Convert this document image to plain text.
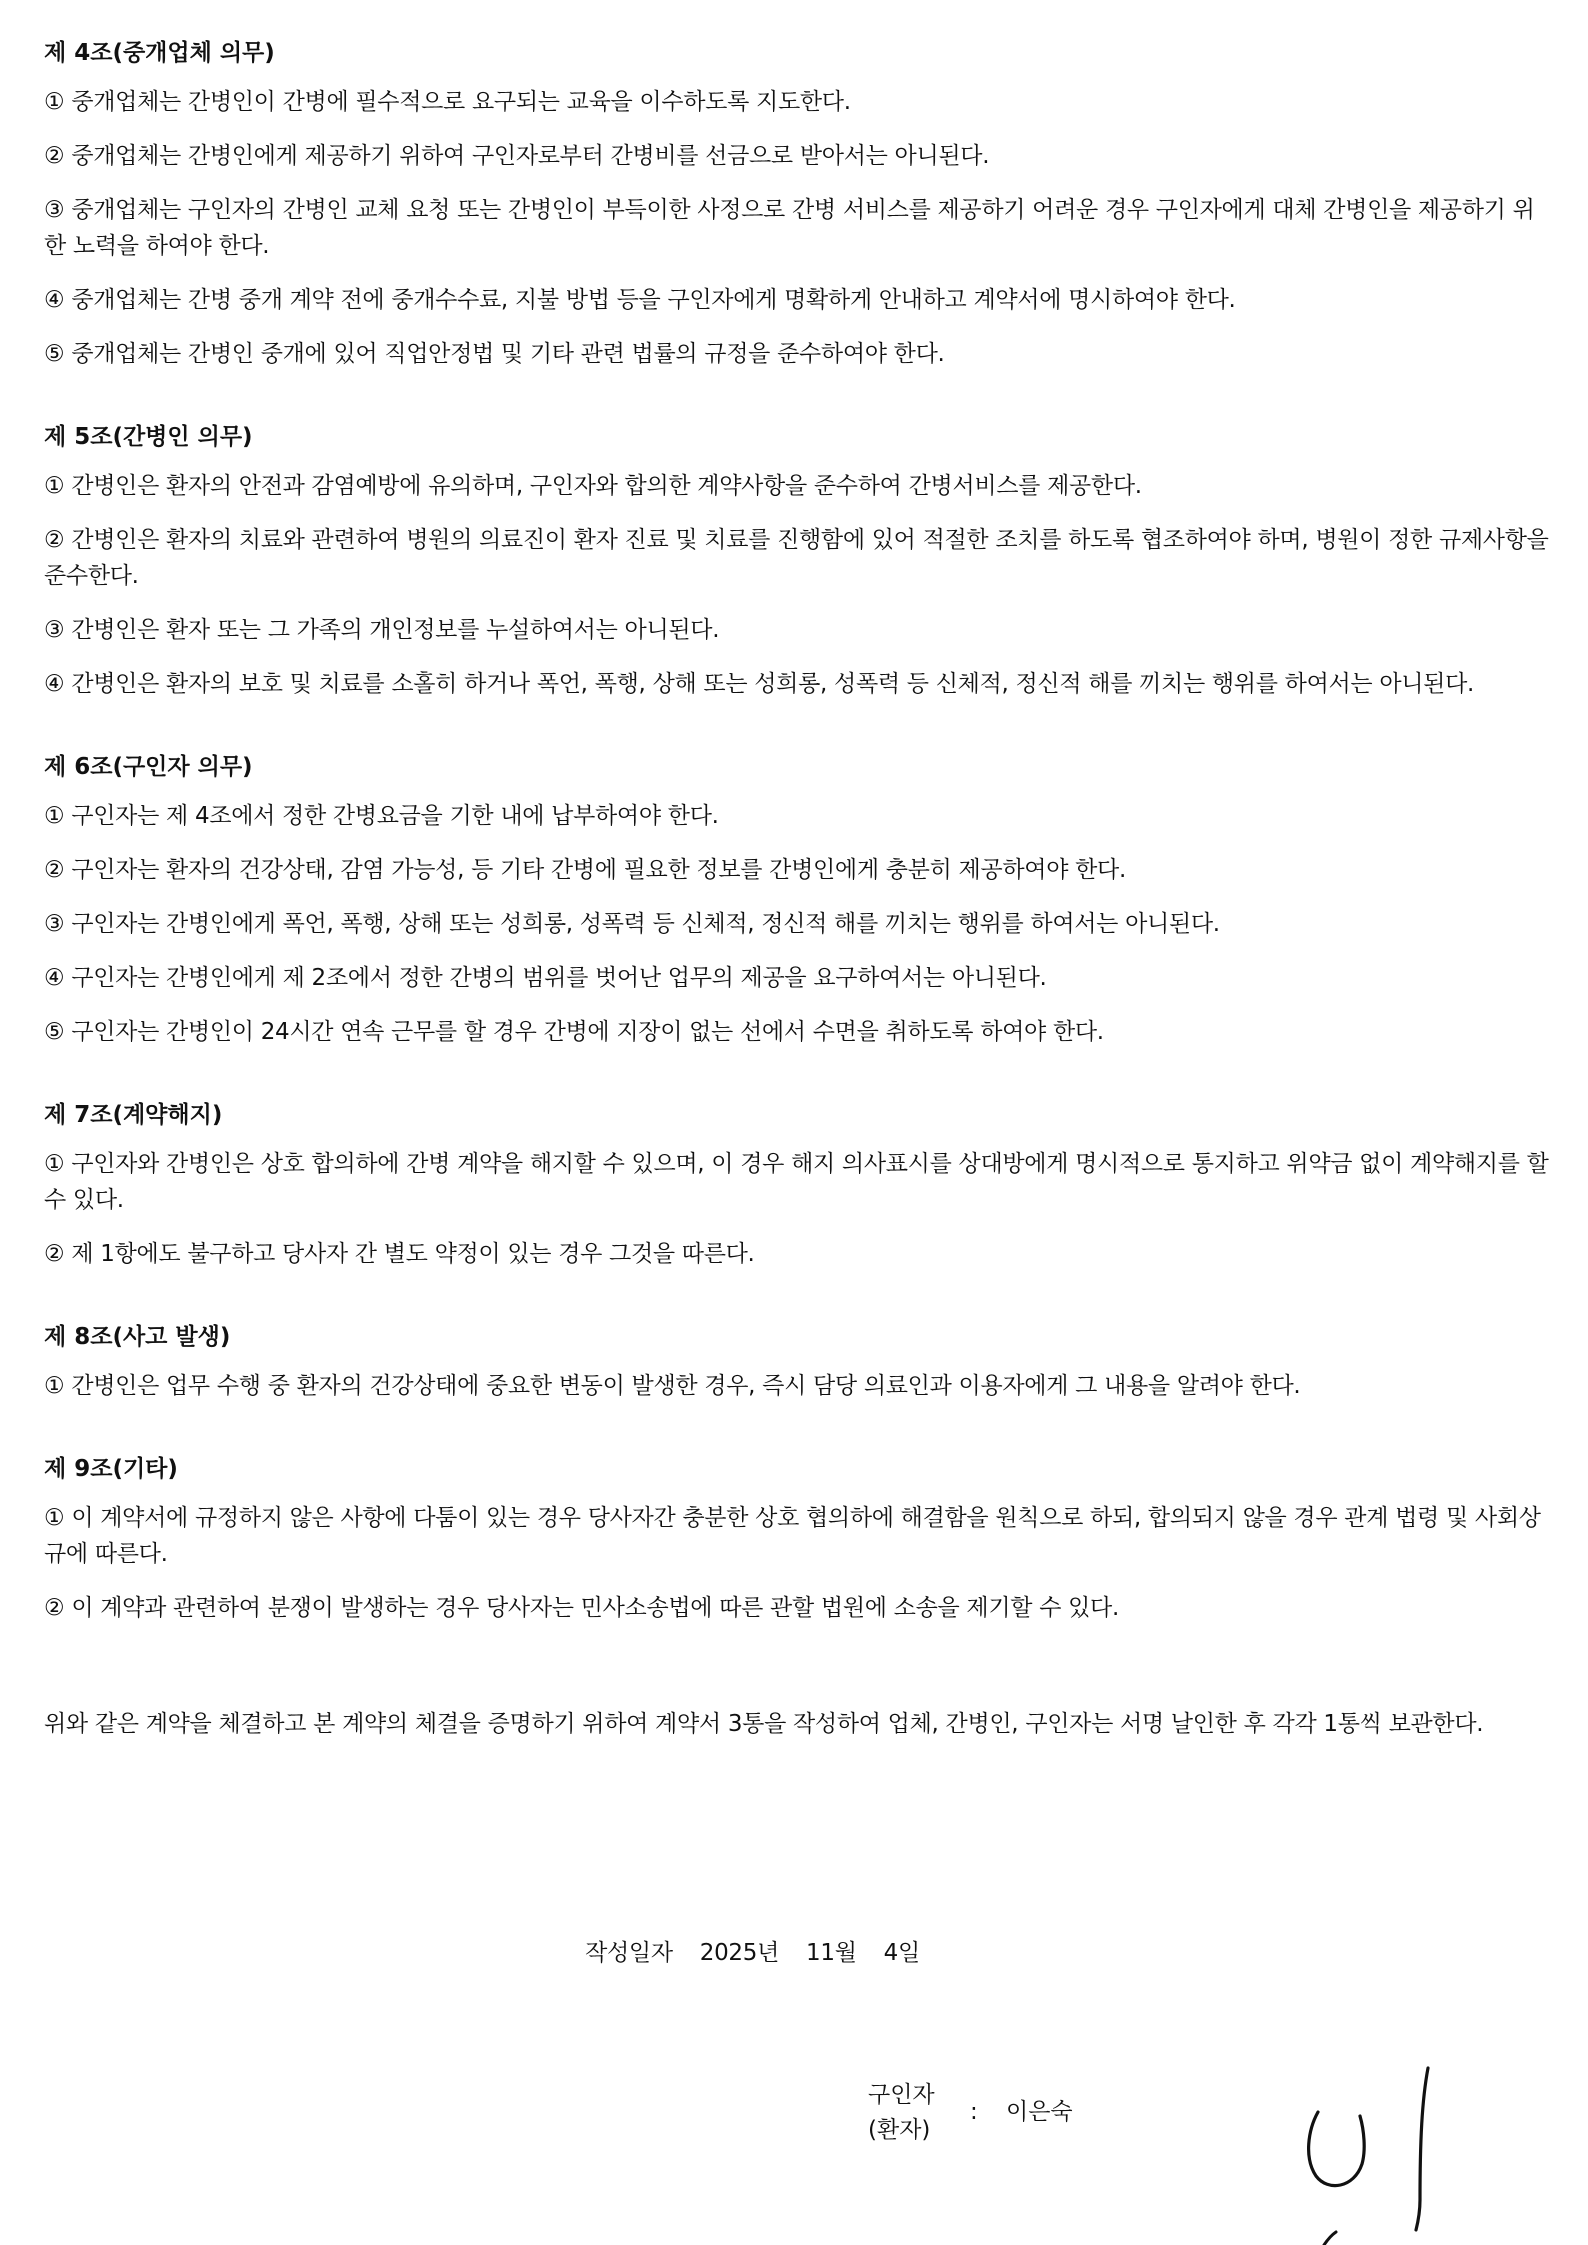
제 4조(중개업체 의무)

① 중개업체는 간병인이 간병에 필수적으로 요구되는 교육을 이수하도록 지도한다.

② 중개업체는 간병인에게 제공하기 위하여 구인자로부터 간병비를 선금으로 받아서는 아니된다.

③ 중개업체는 구인자의 간병인 교체 요청 또는 간병인이 부득이한 사정으로 간병 서비스를 제공하기 어려운 경우 구인자에게 대체 간병인을 제공하기 위한 노력을 하여야 한다.

④ 중개업체는 간병 중개 계약 전에 중개수수료, 지불 방법 등을 구인자에게 명확하게 안내하고 계약서에 명시하여야 한다.

⑤ 중개업체는 간병인 중개에 있어 직업안정법 및 기타 관련 법률의 규정을 준수하여야 한다.

제 5조(간병인 의무)

① 간병인은 환자의 안전과 감염예방에 유의하며, 구인자와 합의한 계약사항을 준수하여 간병서비스를 제공한다.

② 간병인은 환자의 치료와 관련하여 병원의 의료진이 환자 진료 및 치료를 진행함에 있어 적절한 조치를 하도록 협조하여야 하며, 병원이 정한 규제사항을 준수한다.

③ 간병인은 환자 또는 그 가족의 개인정보를 누설하여서는 아니된다.

④ 간병인은 환자의 보호 및 치료를 소홀히 하거나 폭언, 폭행, 상해 또는 성희롱, 성폭력 등 신체적, 정신적 해를 끼치는 행위를 하여서는 아니된다.

제 6조(구인자 의무)

① 구인자는 제 4조에서 정한 간병요금을 기한 내에 납부하여야 한다.

② 구인자는 환자의 건강상태, 감염 가능성, 등 기타 간병에 필요한 정보를 간병인에게 충분히 제공하여야 한다.

③ 구인자는 간병인에게 폭언, 폭행, 상해 또는 성희롱, 성폭력 등 신체적, 정신적 해를 끼치는 행위를 하여서는 아니된다.

④ 구인자는 간병인에게 제 2조에서 정한 간병의 범위를 벗어난 업무의 제공을 요구하여서는 아니된다.

⑤ 구인자는 간병인이 24시간 연속 근무를 할 경우 간병에 지장이 없는 선에서 수면을 취하도록 하여야 한다.

제 7조(계약해지)

① 구인자와 간병인은 상호 합의하에 간병 계약을 해지할 수 있으며, 이 경우 해지 의사표시를 상대방에게 명시적으로 통지하고 위약금 없이 계약해지를 할 수 있다.

② 제 1항에도 불구하고 당사자 간 별도 약정이 있는 경우 그것을 따른다.

제 8조(사고 발생)

① 간병인은 업무 수행 중 환자의 건강상태에 중요한 변동이 발생한 경우, 즉시 담당 의료인과 이용자에게 그 내용을 알려야 한다.

제 9조(기타)

① 이 계약서에 규정하지 않은 사항에 다툼이 있는 경우 당사자간 충분한 상호 협의하에 해결함을 원칙으로 하되, 합의되지 않을 경우 관계 법령 및 사회상규에 따른다.

② 이 계약과 관련하여 분쟁이 발생하는 경우 당사자는 민사소송법에 따른 관할 법원에 소송을 제기할 수 있다.

위와 같은 계약을 체결하고 본 계약의 체결을 증명하기 위하여 계약서 3통을 작성하여 업체, 간병인, 구인자는 서명 날인한 후 각각 1통씩 보관한다.

작성일자 2025년 11월 4일
구인자
(환자)
: 이은숙
